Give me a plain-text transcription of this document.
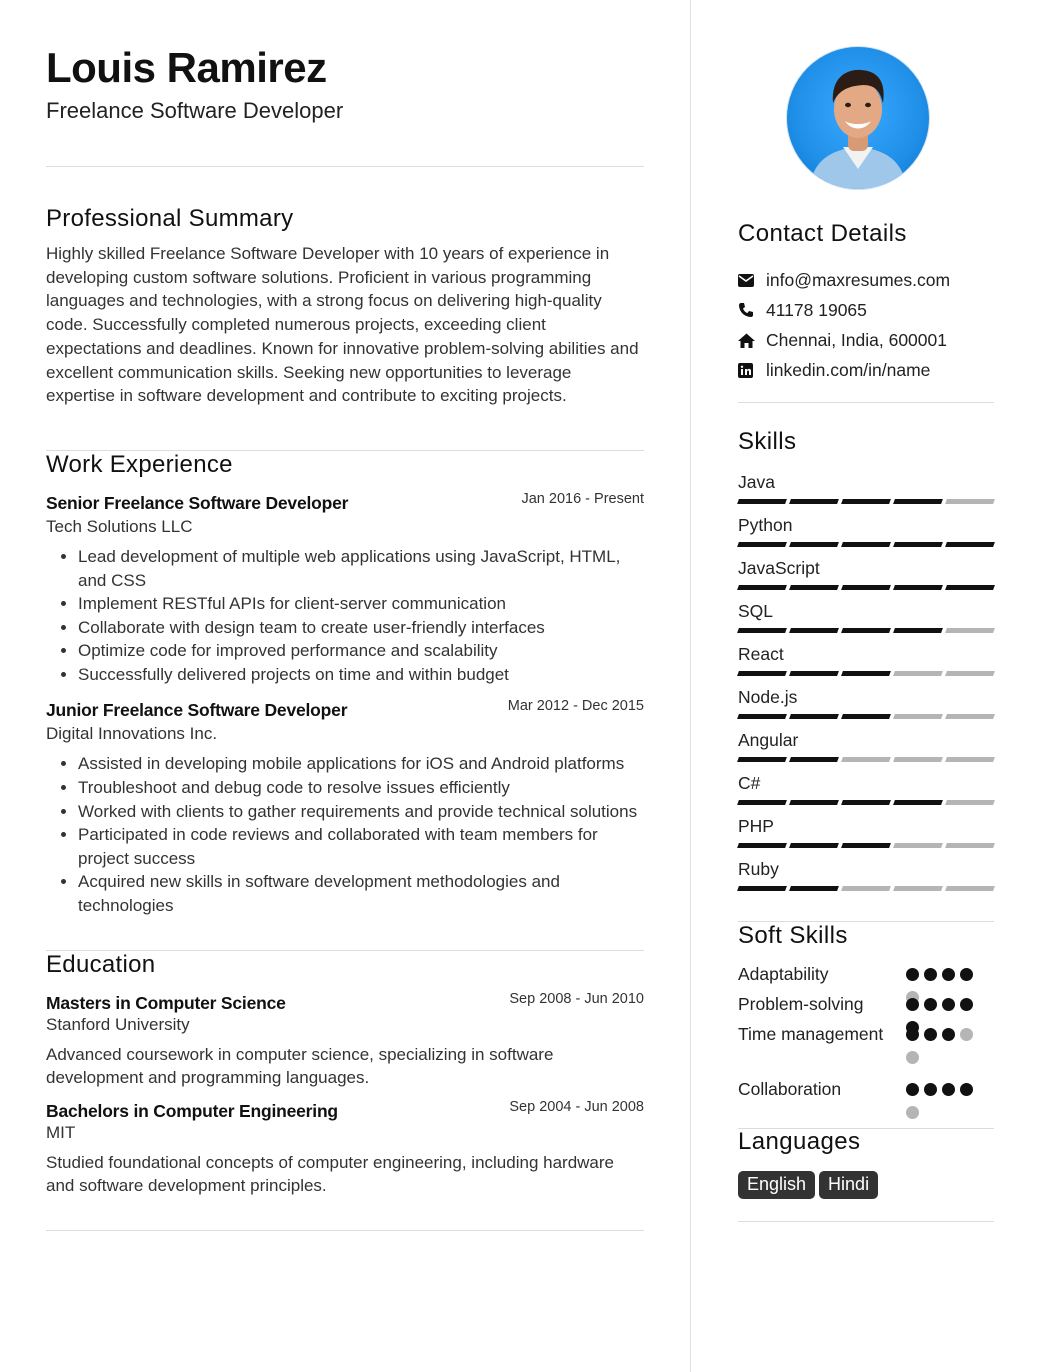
Louis Ramirez
Freelance Software Developer
Professional Summary

Highly skilled Freelance Software Developer with 10 years of experience in developing custom software solutions. Proficient in various programming languages and technologies, with a strong focus on delivering high-quality code. Successfully completed numerous projects, exceeding client expectations and deadlines. Known for innovative problem-solving abilities and excellent communication skills. Seeking new opportunities to leverage expertise in software development and contribute to exciting projects.

Work Experience
Senior Freelance Software Developer	Jan 2016 - Present
Tech Solutions LLC
• Lead development of multiple web applications using JavaScript, HTML, and CSS
• Implement RESTful APIs for client-server communication
• Collaborate with design team to create user-friendly interfaces
• Optimize code for improved performance and scalability
• Successfully delivered projects on time and within budget
Junior Freelance Software Developer	Mar 2012 - Dec 2015
Digital Innovations Inc.
• Assisted in developing mobile applications for iOS and Android platforms
• Troubleshoot and debug code to resolve issues efficiently
• Worked with clients to gather requirements and provide technical solutions
• Participated in code reviews and collaborated with team members for project success
• Acquired new skills in software development methodologies and technologies
Education
Masters in Computer Science	Sep 2008 - Jun 2010
Stanford University
Advanced coursework in computer science, specializing in software development and programming languages.
Bachelors in Computer Engineering	Sep 2004 - Jun 2008
MIT
Studied foundational concepts of computer engineering, including hardware and software development principles.
Contact Details
info@maxresumes.com
41178 19065
Chennai, India, 600001
linkedin.com/in/name
Skills
Java
Python
JavaScript
SQL
React
Node.js
Angular
C#
PHP
Ruby
Soft Skills
Adaptability
Problem-solving
Time management
Collaboration
Languages
English Hindi
